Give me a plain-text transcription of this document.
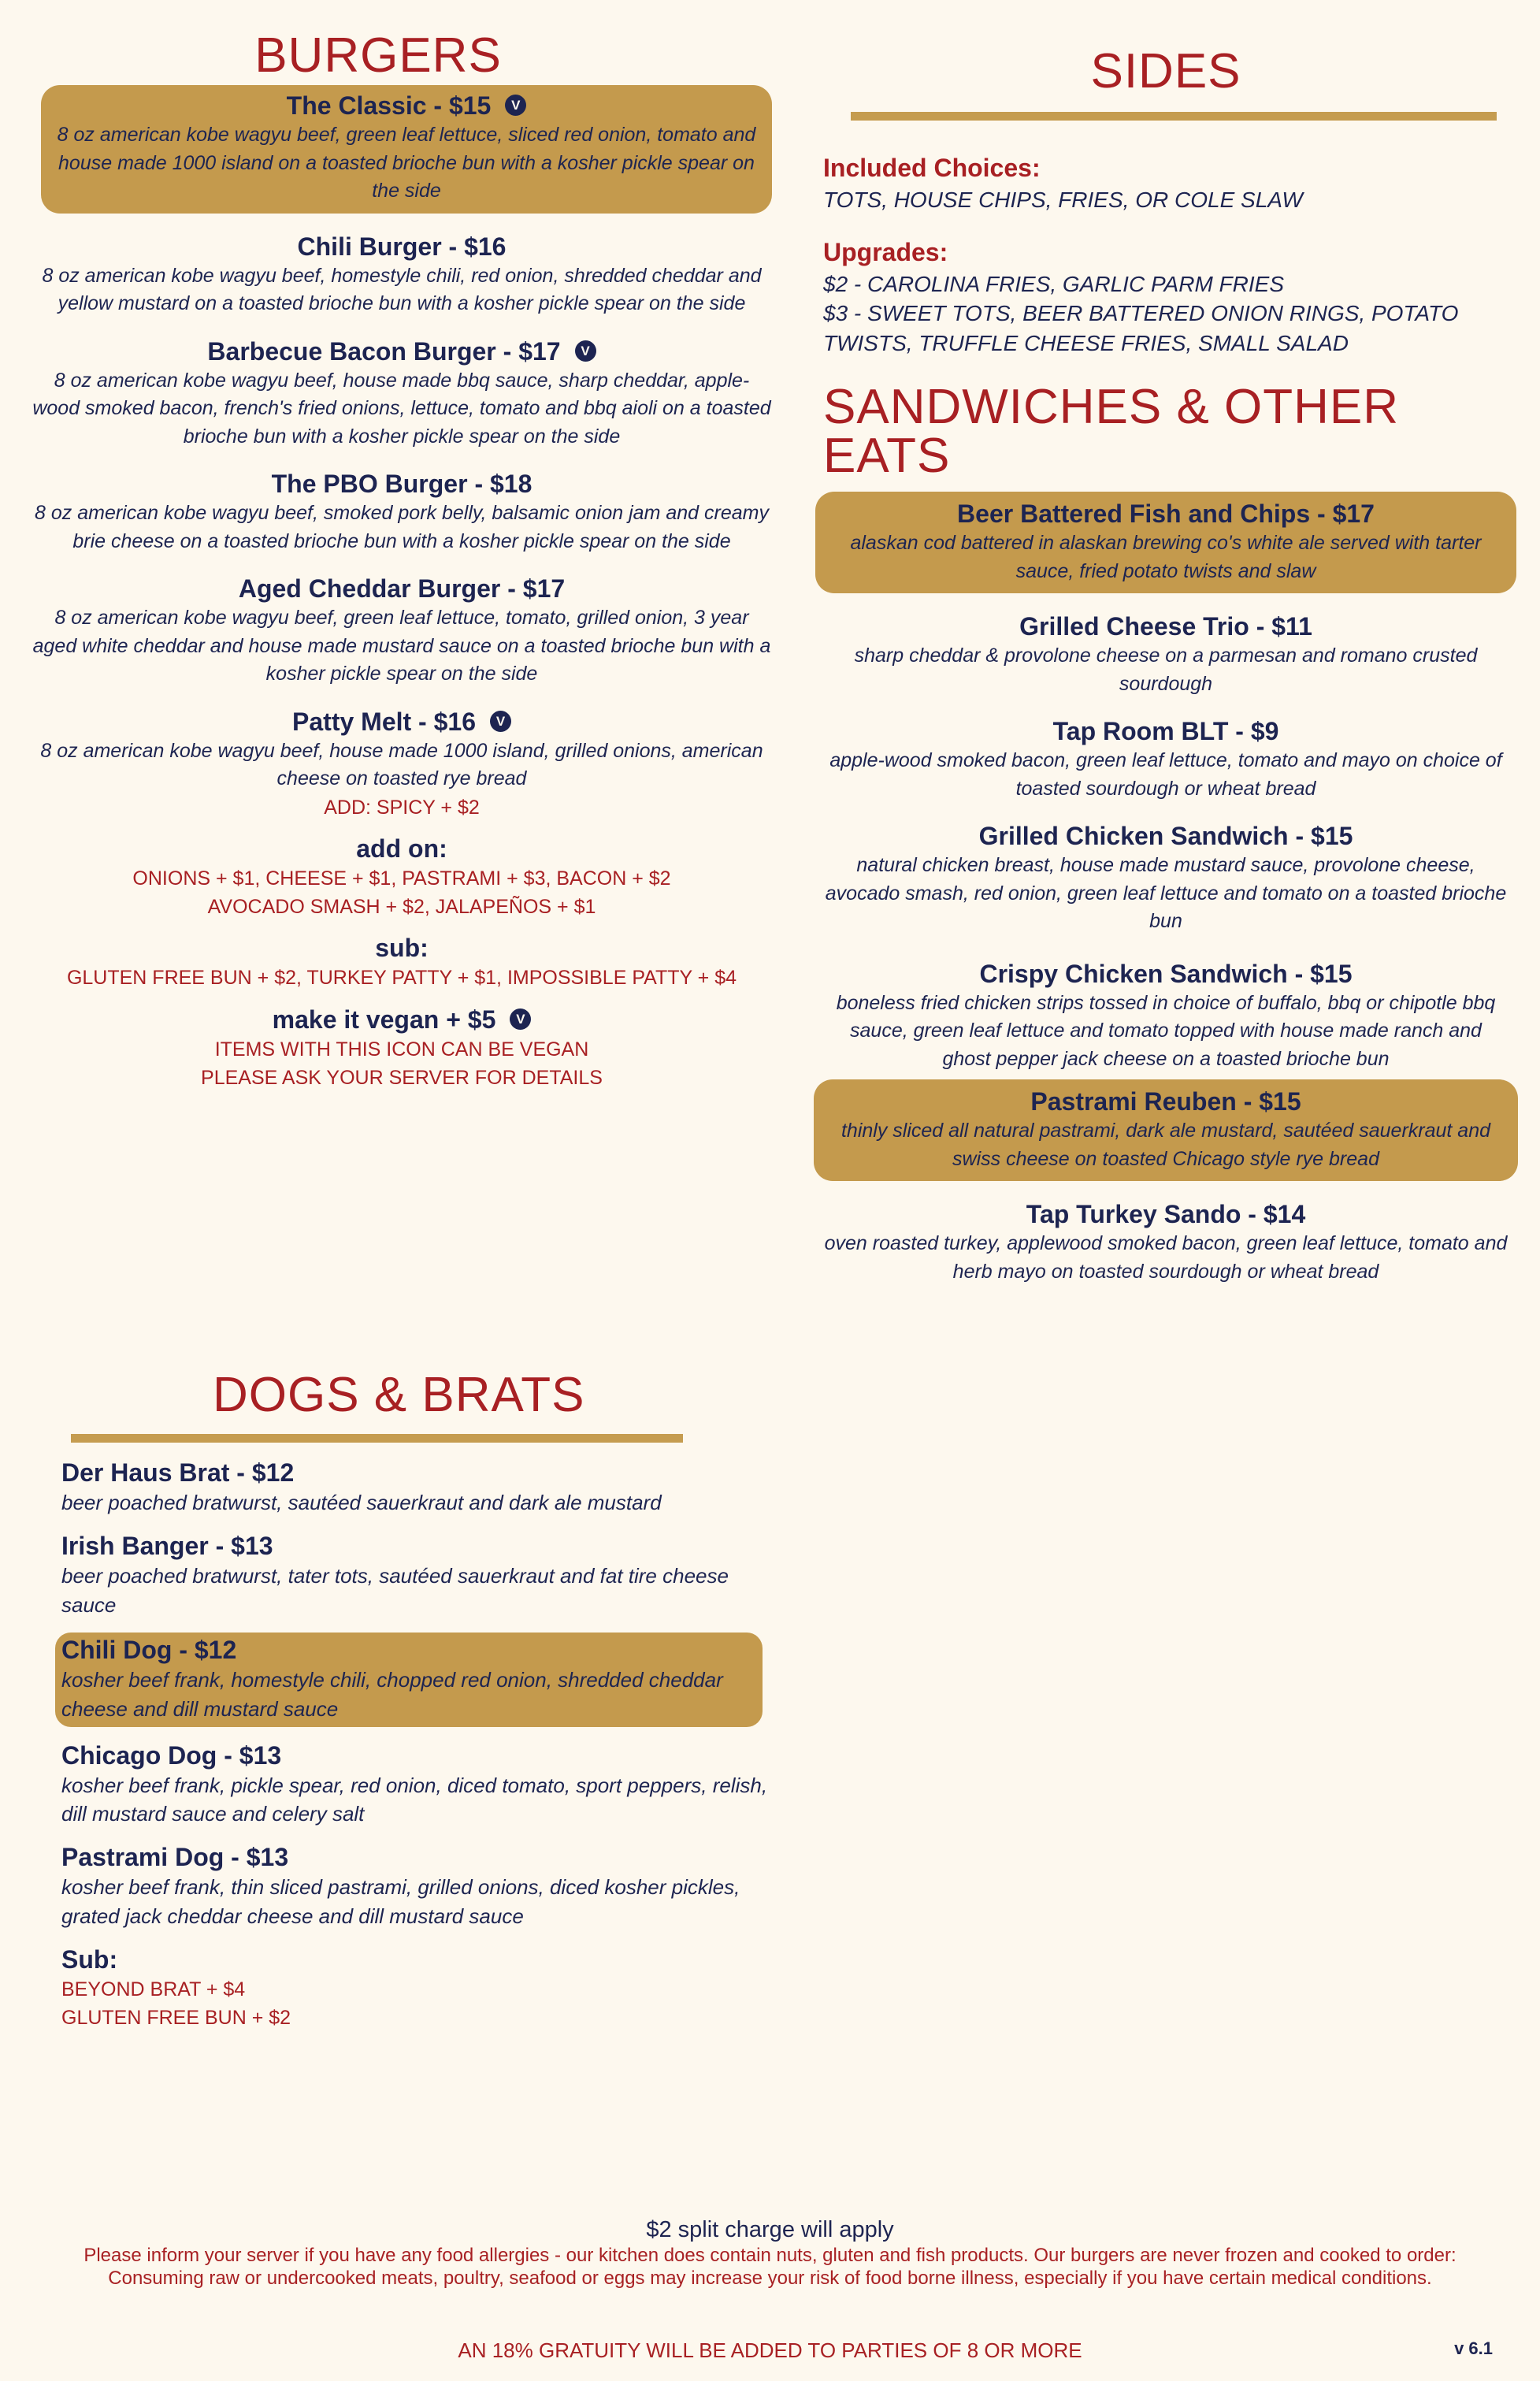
BURGERS
The Classic - $15 V
8 oz american kobe wagyu beef, green leaf lettuce, sliced red onion, tomato and house made 1000 island on a toasted brioche bun with a kosher pickle spear on the side
Chili Burger - $16
8 oz american kobe wagyu beef, homestyle chili, red onion, shredded cheddar and yellow mustard on a toasted brioche bun with a kosher pickle spear on the side
Barbecue Bacon Burger - $17 V
8 oz american kobe wagyu beef, house made bbq sauce, sharp cheddar, apple-wood smoked bacon, french's fried onions, lettuce, tomato and bbq aioli on a toasted brioche bun with a kosher pickle spear on the side
The PBO Burger - $18
8 oz american kobe wagyu beef, smoked pork belly, balsamic onion jam and creamy brie cheese on a toasted brioche bun with a kosher pickle spear on the side
Aged Cheddar Burger - $17
8 oz american kobe wagyu beef, green leaf lettuce, tomato, grilled onion, 3 year aged white cheddar and house made mustard sauce on a toasted brioche bun with a kosher pickle spear on the side
Patty Melt - $16 V
8 oz american kobe wagyu beef, house made 1000 island, grilled onions, american cheese on toasted rye bread
ADD: SPICY + $2
add on:
ONIONS + $1, CHEESE + $1, PASTRAMI + $3, BACON + $2
AVOCADO SMASH + $2, JALAPEÑOS + $1
sub:
GLUTEN FREE BUN + $2, TURKEY PATTY + $1, IMPOSSIBLE PATTY + $4
make it vegan + $5 V
ITEMS WITH THIS ICON CAN BE VEGAN
PLEASE ASK YOUR SERVER FOR DETAILS
SIDES
Included Choices:
TOTS, HOUSE CHIPS, FRIES, OR COLE SLAW
Upgrades:
$2 - CAROLINA FRIES, GARLIC PARM FRIES
$3 - SWEET TOTS, BEER BATTERED ONION RINGS, POTATO TWISTS, TRUFFLE CHEESE FRIES, SMALL SALAD
SANDWICHES & OTHER EATS
Beer Battered Fish and Chips - $17
alaskan cod battered in alaskan brewing co's white ale served with tarter sauce, fried potato twists and slaw
Grilled Cheese Trio - $11
sharp cheddar & provolone cheese on a parmesan and romano crusted sourdough
Tap Room BLT - $9
apple-wood smoked bacon, green leaf lettuce, tomato and mayo on choice of toasted sourdough or wheat bread
Grilled Chicken Sandwich - $15
natural chicken breast, house made mustard sauce, provolone cheese, avocado smash, red onion, green leaf lettuce and tomato on a toasted brioche bun
Crispy Chicken Sandwich - $15
boneless fried chicken strips tossed in choice of buffalo, bbq or chipotle bbq sauce, green leaf lettuce and tomato topped with house made ranch and ghost pepper jack cheese on a toasted brioche bun
Pastrami Reuben - $15
thinly sliced all natural pastrami, dark ale mustard, sautéed sauerkraut and swiss cheese on toasted Chicago style rye bread
Tap Turkey Sando - $14
oven roasted turkey, applewood smoked bacon, green leaf lettuce, tomato and herb mayo on toasted sourdough or wheat bread
DOGS & BRATS
Der Haus Brat - $12
beer poached bratwurst, sautéed sauerkraut and dark ale mustard
Irish Banger - $13
beer poached bratwurst, tater tots, sautéed sauerkraut and fat tire cheese sauce
Chili Dog - $12
kosher beef frank, homestyle chili, chopped red onion, shredded cheddar cheese and dill mustard sauce
Chicago Dog - $13
kosher beef frank, pickle spear, red onion, diced tomato, sport peppers, relish, dill mustard sauce and celery salt
Pastrami Dog - $13
kosher beef frank, thin sliced pastrami, grilled onions, diced kosher pickles, grated jack cheddar cheese and dill mustard sauce
Sub:
BEYOND BRAT + $4
GLUTEN FREE BUN + $2
$2 split charge will apply
Please inform your server if you have any food allergies - our kitchen does contain nuts, gluten and fish products. Our burgers are never frozen and cooked to order:
Consuming raw or undercooked meats, poultry, seafood or eggs may increase your risk of food borne illness, especially if you have certain medical conditions.
AN 18% GRATUITY WILL BE ADDED TO PARTIES OF 8 OR MORE	v 6.1
